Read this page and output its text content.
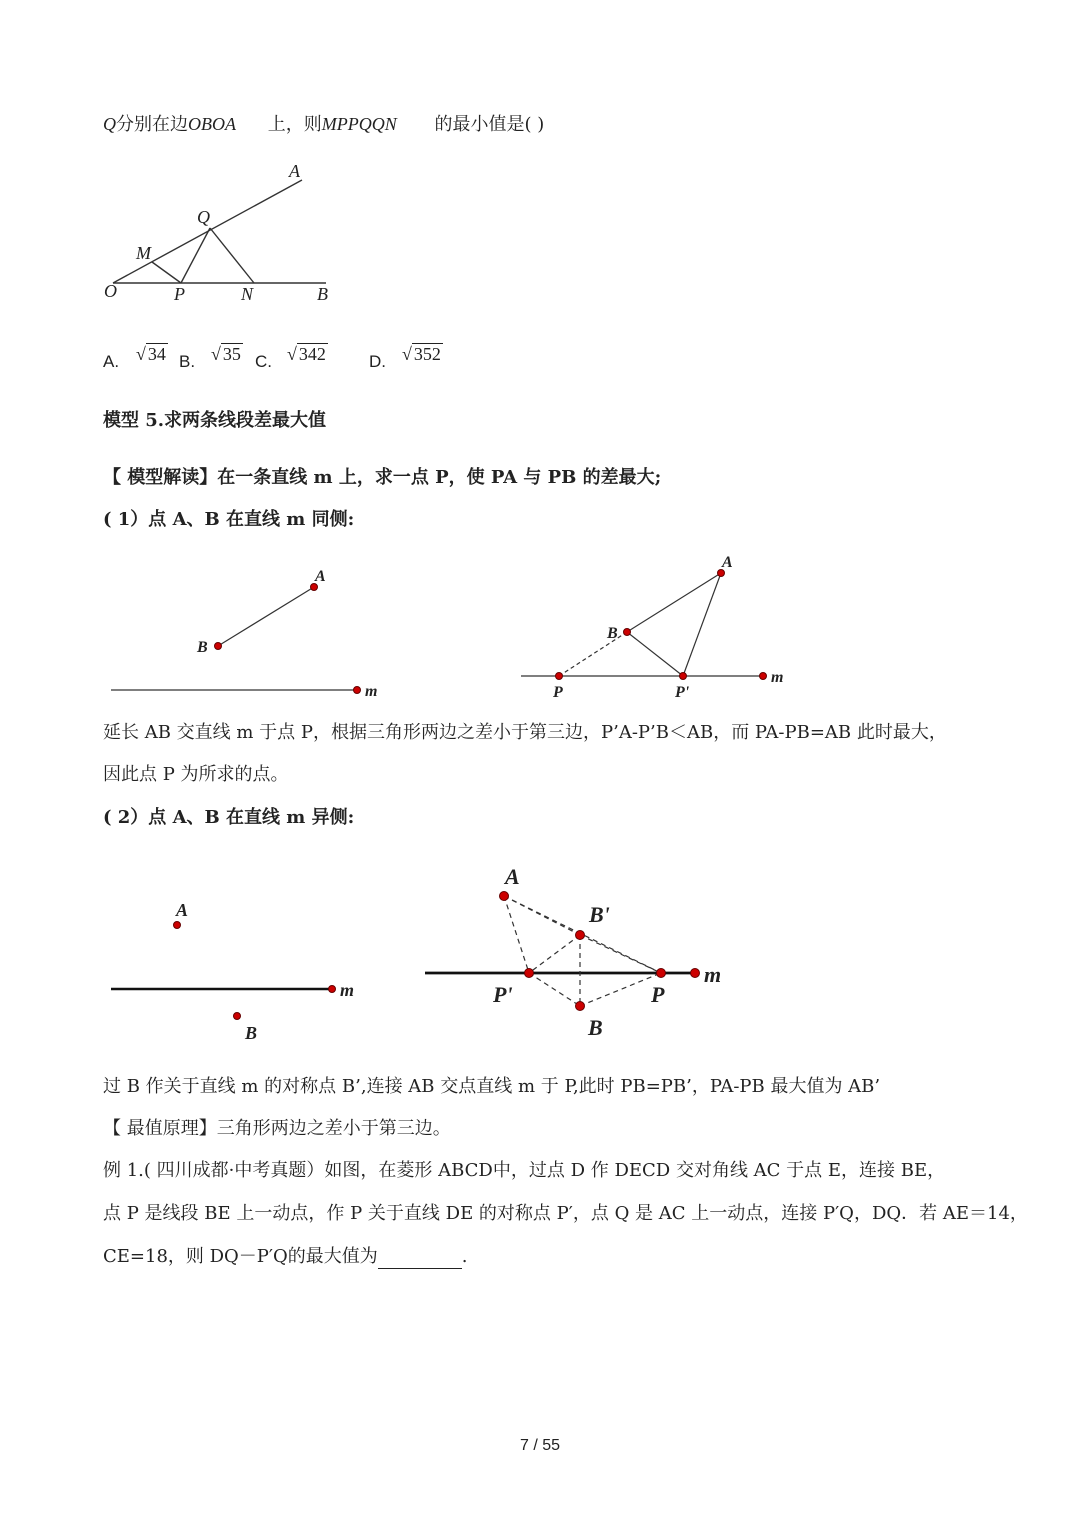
Q分别在边OBOA 上，则MPPQQN 的最小值是( )
A
Q
M
O	P	N	B
A
B
m
A
B
P	P'
m
A
m
B
A
B'
P'	P
m
B
A. √ 34 B. √ 35 C. √ 342	D. √ 352
模型 5.求两条线段差最大值
【 模型解读】在一条直线 m 上，求一点 P，使 PA 与 PB 的差最大;
( 1）点 A、B 在直线 m 同侧:
延长 AB 交直线 m 于点 P，根据三角形两边之差小于第三边，P’A-P’B＜AB，而 PA-PB=AB 此时最大，
因此点 P 为所求的点。
( 2）点 A、B 在直线 m 异侧:
过 B 作关于直线 m 的对称点 B’,连接 AB 交点直线 m 于 P,此时 PB=PB’，PA-PB 最大值为 AB’
【 最值原理】三角形两边之差小于第三边。
例 1.( 四川成都·中考真题）如图，在菱形 ABCD中，过点 D 作 DECD 交对角线 AC 于点 E，连接 BE，
点 P 是线段 BE 上一动点，作 P 关于直线 DE 的对称点 P′，点 Q 是 AC 上一动点，连接 P′Q，DQ．若 AE＝14，
CE=18，则 DQ－P′Q的最大值为	.
7 / 55
